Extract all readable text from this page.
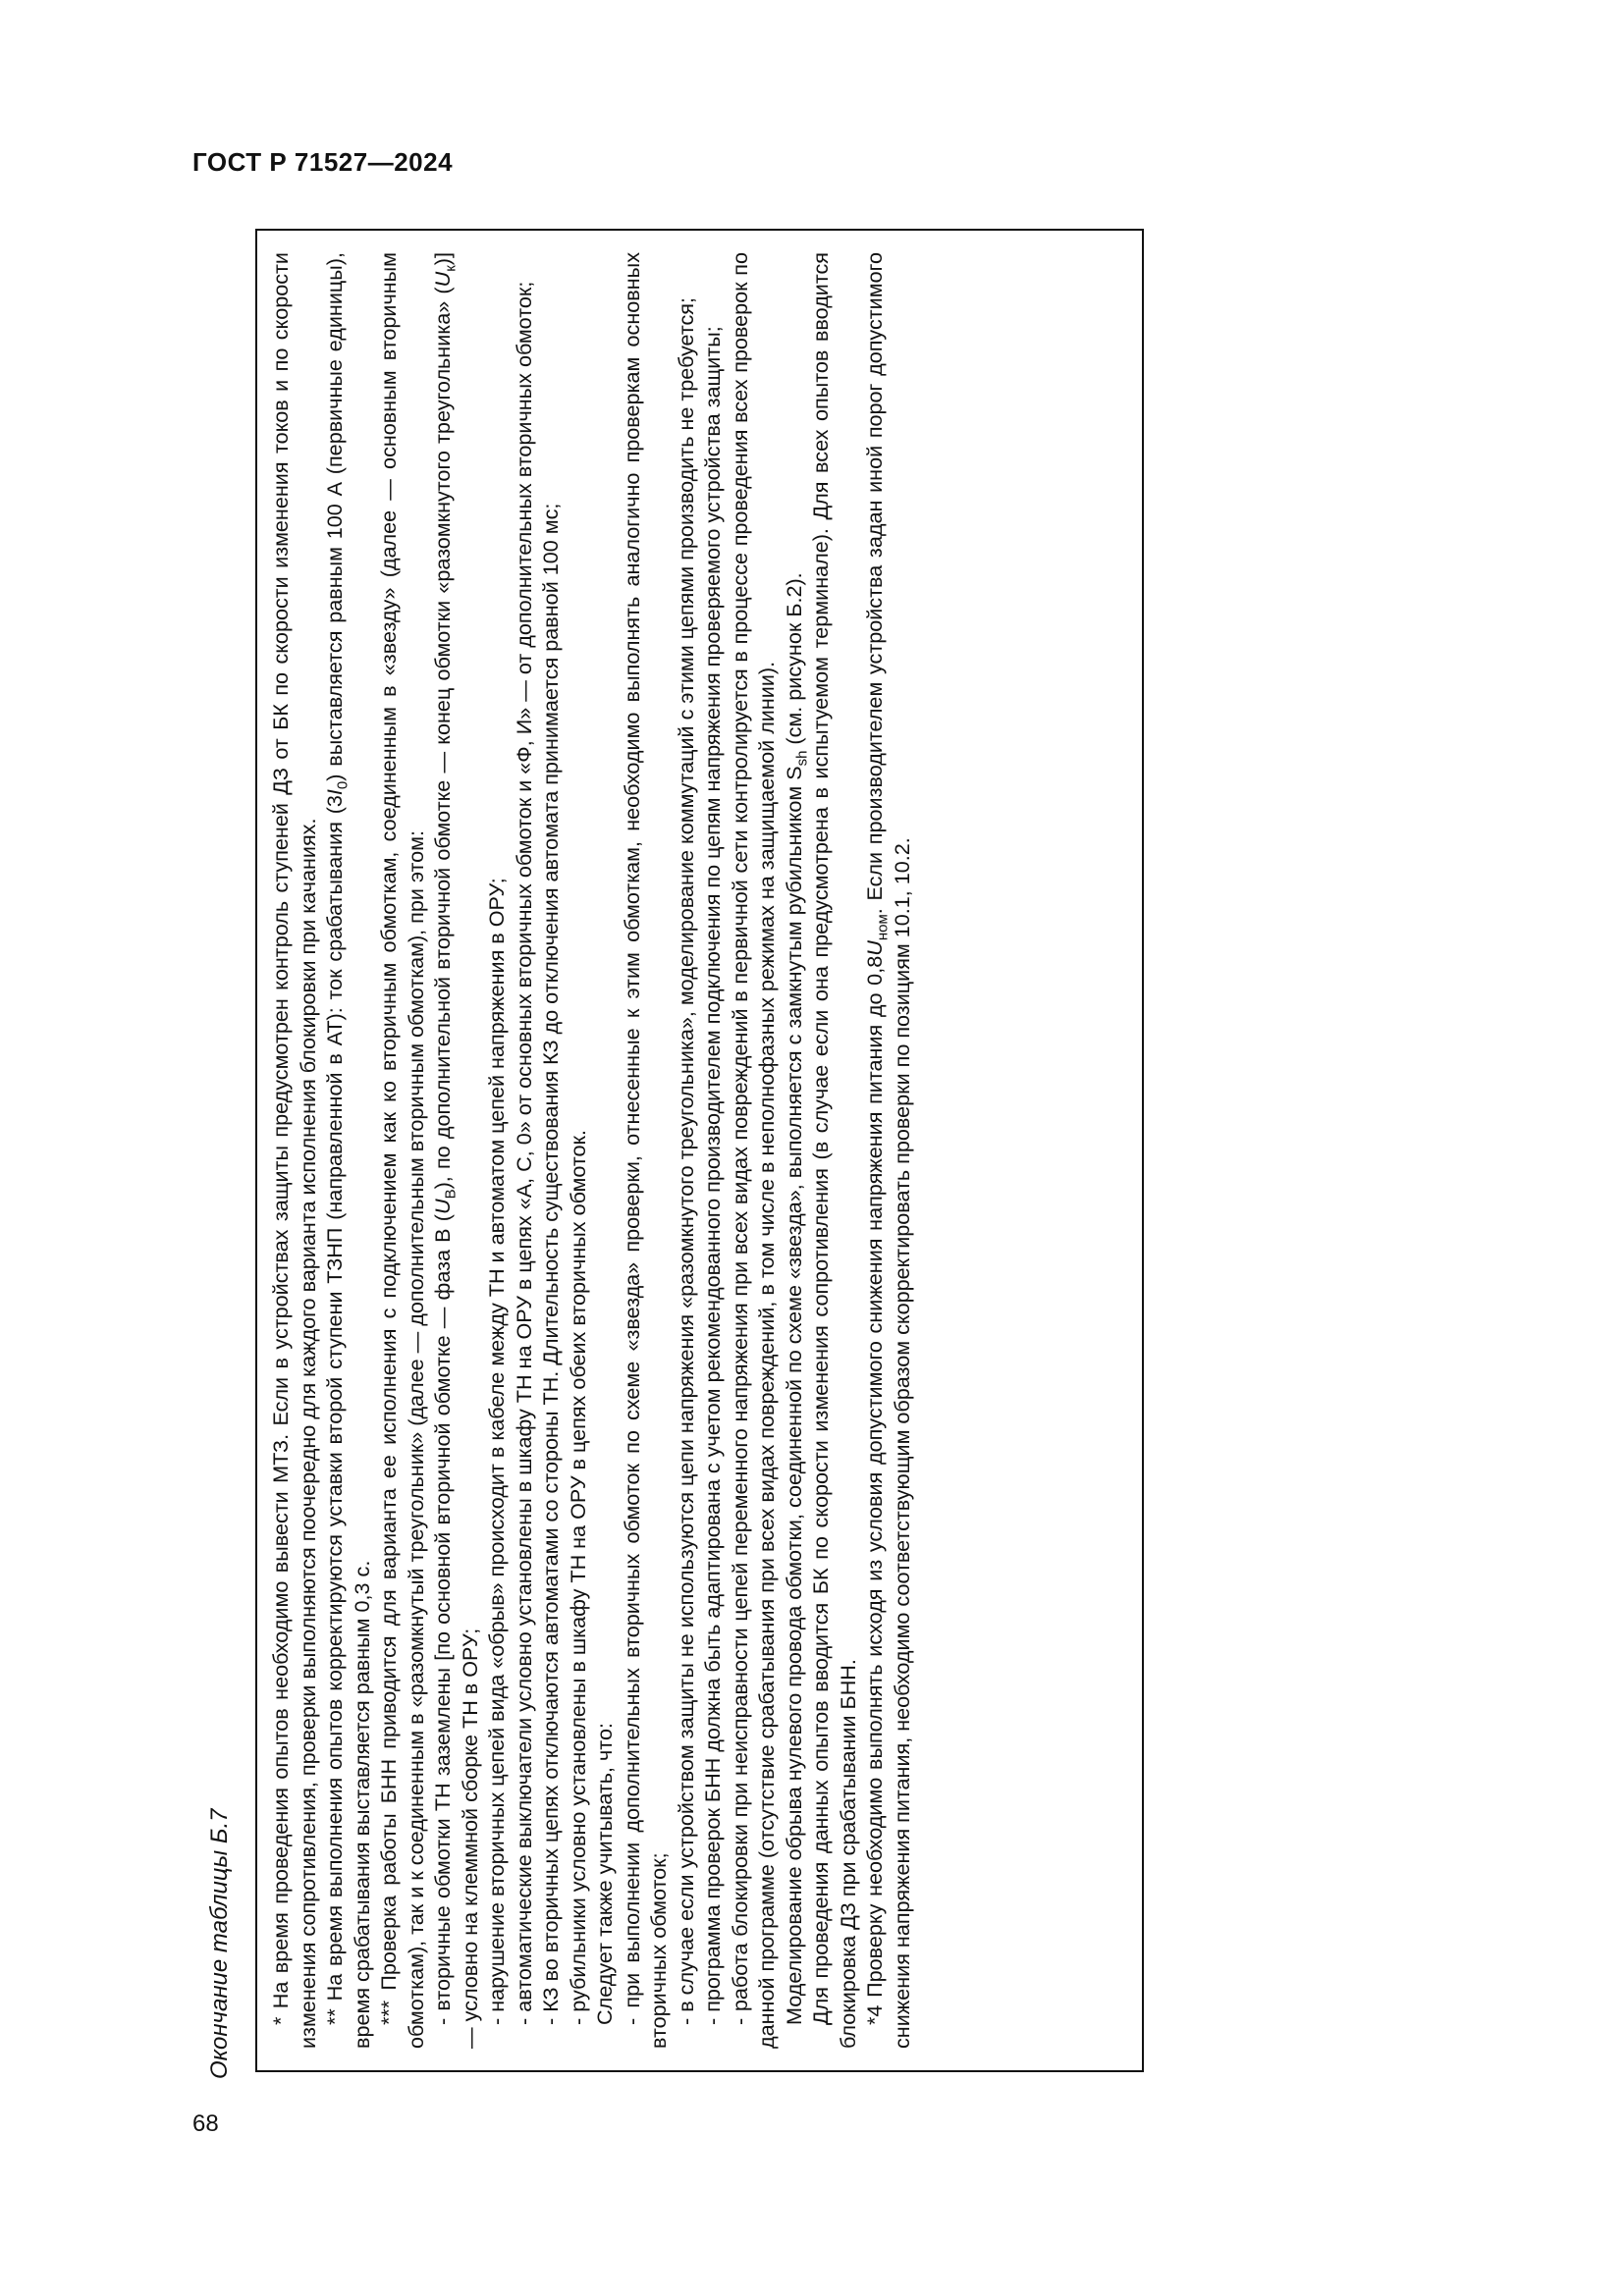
ГОСТ Р 71527—2024
Окончание таблицы Б.7
68

* На время проведения опытов необходимо вывести МТЗ. Если в устройствах защиты предусмотрен контроль ступеней ДЗ от БК по скорости изменения токов и по скорости изменения сопротивления, проверки выполняются поочередно для каждого варианта исполнения блокировки при качаниях. ** На время выполнения опытов корректируются уставки второй ступени ТЗНП (направленной в АТ): ток срабатывания $(3I_0)$ выставляется равным 100 А (первичные единицы), время срабатывания выставляется равным 0,3 с. *** Проверка работы БНН приводится для варианта ее исполнения с подключением как ко вторичным обмоткам, соединенным в «звезду» (далее — основным вторичным обмоткам), так и к соединенным в «разомкнутый треугольник» (далее — дополнительным вторичным обмоткам), при этом: - вторичные обмотки ТН заземлены [по основной вторичной обмотке — фаза В $(U_B)$, по дополнительной вторичной обмотке — конец обмотки «разомкнутого треугольника» $(U_к)$] — условно на клеммной сборке ТН в ОРУ; - нарушение вторичных цепей вида «обрыв» происходит в кабеле между ТН и автоматом цепей напряжения в ОРУ; - автоматические выключатели условно установлены в шкафу ТН на ОРУ в цепях «А, С, 0» от основных вторичных обмоток и «Ф, И» — от дополнительных вторичных обмоток; - КЗ во вторичных цепях отключаются автоматами со стороны ТН. Длительность существования КЗ до отключения автомата принимается равной 100 мс; - рубильники условно установлены в шкафу ТН на ОРУ в цепях обеих вторичных обмоток. Следует также учитывать, что: - при выполнении дополнительных вторичных обмоток по схеме «звезда» проверки, отнесенные к этим обмоткам, необходимо выполнять аналогично проверкам основных вторичных обмоток; - в случае если устройством защиты не используются цепи напряжения «разомкнутого треугольника», моделирование коммутаций с этими цепями производить не требуется; - программа проверок БНН должна быть адаптирована с учетом рекомендованного производителем подключения по цепям напряжения проверяемого устройства защиты; - работа блокировки при неисправности цепей переменного напряжения при всех видах повреждений в первичной сети контролируется в процессе проведения всех проверок по данной программе (отсутствие срабатывания при всех видах повреждений, в том числе в неполнофазных режимах на защищаемой линии). Моделирование обрыва нулевого провода обмотки, соединенной по схеме «звезда», выполняется с замкнутым рубильником $S_{sh}$ (см. рисунок Б.2). Для проведения данных опытов вводится БК по скорости изменения сопротивления (в случае если она предусмотрена в испытуемом терминале). Для всех опытов вводится блокировка ДЗ при срабатывании БНН. *4 Проверку необходимо выполнять исходя из условия допустимого снижения напряжения питания до $0,8U_{ном}$. Если производителем устройства задан иной порог допустимого снижения напряжения питания, необходимо соответствующим образом скорректировать проверки по позициям 10.1, 10.2.
